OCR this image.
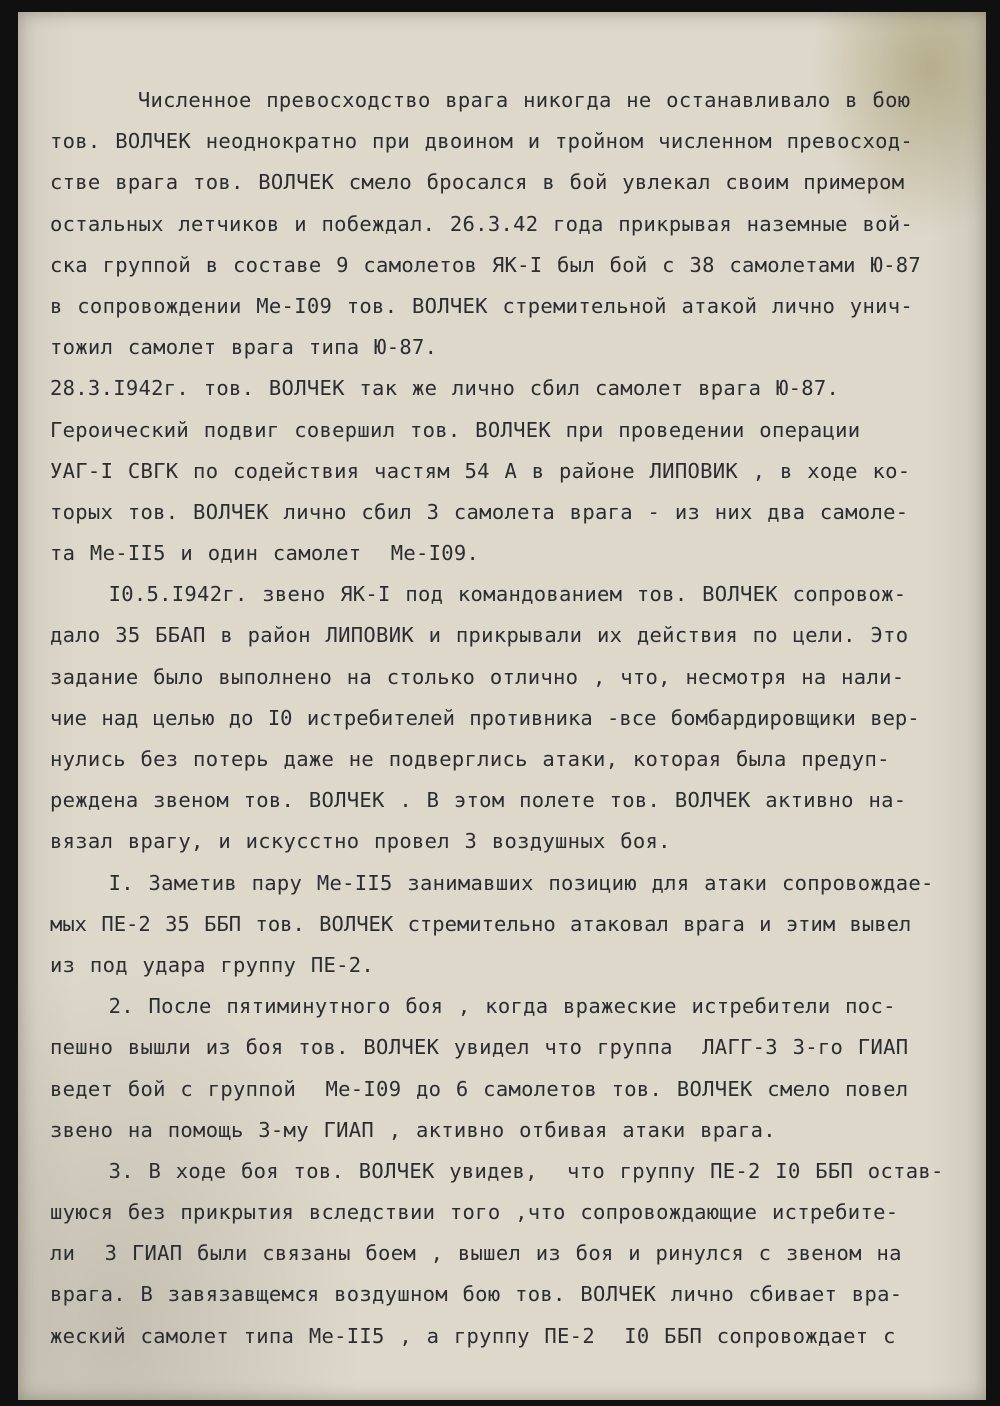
Численное превосходство врага никогда не останавливало в бою
тов. ВОЛЧЕК неоднократно при двоином и тройном численном превосход-
стве врага тов. ВОЛЧЕК смело бросался в бой увлекал своим примером
остальных летчиков и побеждал. 26.3.42 года прикрывая наземные вой-
ска группой в составе 9 самолетов ЯК-I был бой с 38 самолетами Ю-87
в сопровождении Ме-I09 тов. ВОЛЧЕК стремительной атакой лично унич-
тожил самолет врага типа Ю-87.
28.3.I942г. тов. ВОЛЧЕК так же лично сбил самолет врага Ю-87.
Героический подвиг совершил тов. ВОЛЧЕК при проведении операции
УАГ-I СВГК по содействия частям 54 А в районе ЛИПОВИК , в ходе ко-
торых тов. ВОЛЧЕК лично сбил 3 самолета врага - из них два самоле-
та Ме-II5 и один самолет  Ме-I09.
I0.5.I942г. звено ЯК-I под командованием тов. ВОЛЧЕК сопровож-
дало 35 ББАП в район ЛИПОВИК и прикрывали их действия по цели. Это
задание было выполнено на столько отлично , что, несмотря на нали-
чие над целью до I0 истребителей противника -все бомбардировщики вер-
нулись без потерь даже не подверглись атаки, которая была предуп-
реждена звеном тов. ВОЛЧЕК . В этом полете тов. ВОЛЧЕК активно на-
вязал врагу, и искусстно провел 3 воздушных боя.
I. Заметив пару Ме-II5 занимавших позицию для атаки сопровождае-
мых ПЕ-2 35 ББП тов. ВОЛЧЕК стремительно атаковал врага и этим вывел
из под удара группу ПЕ-2.
2. После пятиминутного боя , когда вражеские истребители пос-
пешно вышли из боя тов. ВОЛЧЕК увидел что группа  ЛАГГ-3 3-го ГИАП
ведет бой с группой  Ме-I09 до 6 самолетов тов. ВОЛЧЕК смело повел
звено на помощь 3-му ГИАП , активно отбивая атаки врага.
3. В ходе боя тов. ВОЛЧЕК увидев,  что группу ПЕ-2 I0 ББП остав-
шуюся без прикрытия вследствии того ,что сопровождающие истребите-
ли  3 ГИАП были связаны боем , вышел из боя и ринулся с звеном на
врага. В завязавщемся воздушном бою тов. ВОЛЧЕК лично сбивает вра-
жеский самолет типа Ме-II5 , а группу ПЕ-2  I0 ББП сопровождает с
